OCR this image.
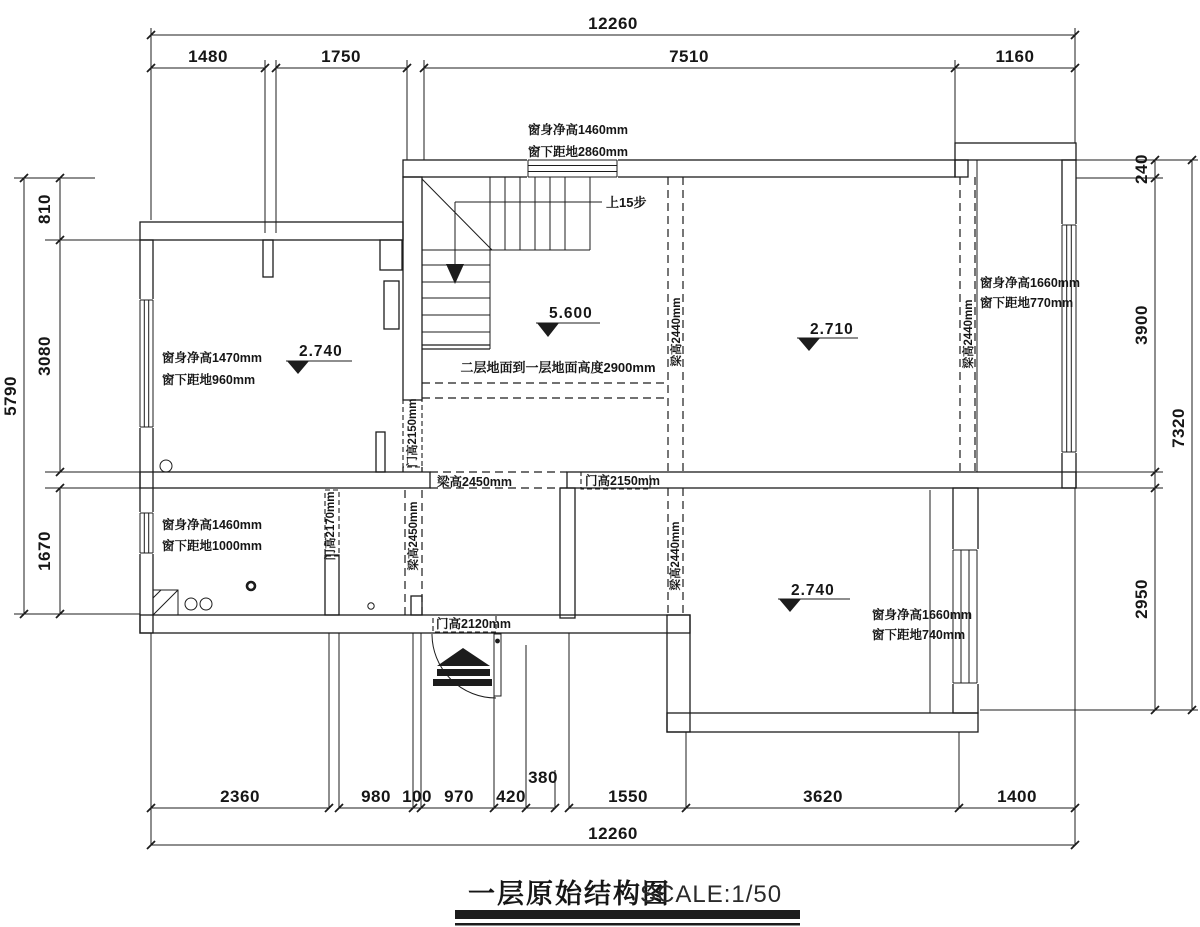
5.600
2.740
2.710
2.740
12260
1480	1750	7510	1160
2360	980 100 970 420
380
1550	3620	1400
12260
810
3080
1670
5790
240
3900
2950
7320
窗身净高1460mm
窗下距地2860mm
上15步
二层地面到一层地面高度2900mm
窗身净高1470mm
窗下距地960mm
窗身净高1460mm
窗下距地1000mm
窗身净高1660mm
窗下距地770mm
窗身净高1660mm
窗下距地740mm
梁高2450mm	门高2150mm
门高2120mm
门高2150mm
梁高2450mm
门高2170mm
梁高2440mm
梁高2440mm
梁高2440mm
一层原始结构图
SCALE:1/50
